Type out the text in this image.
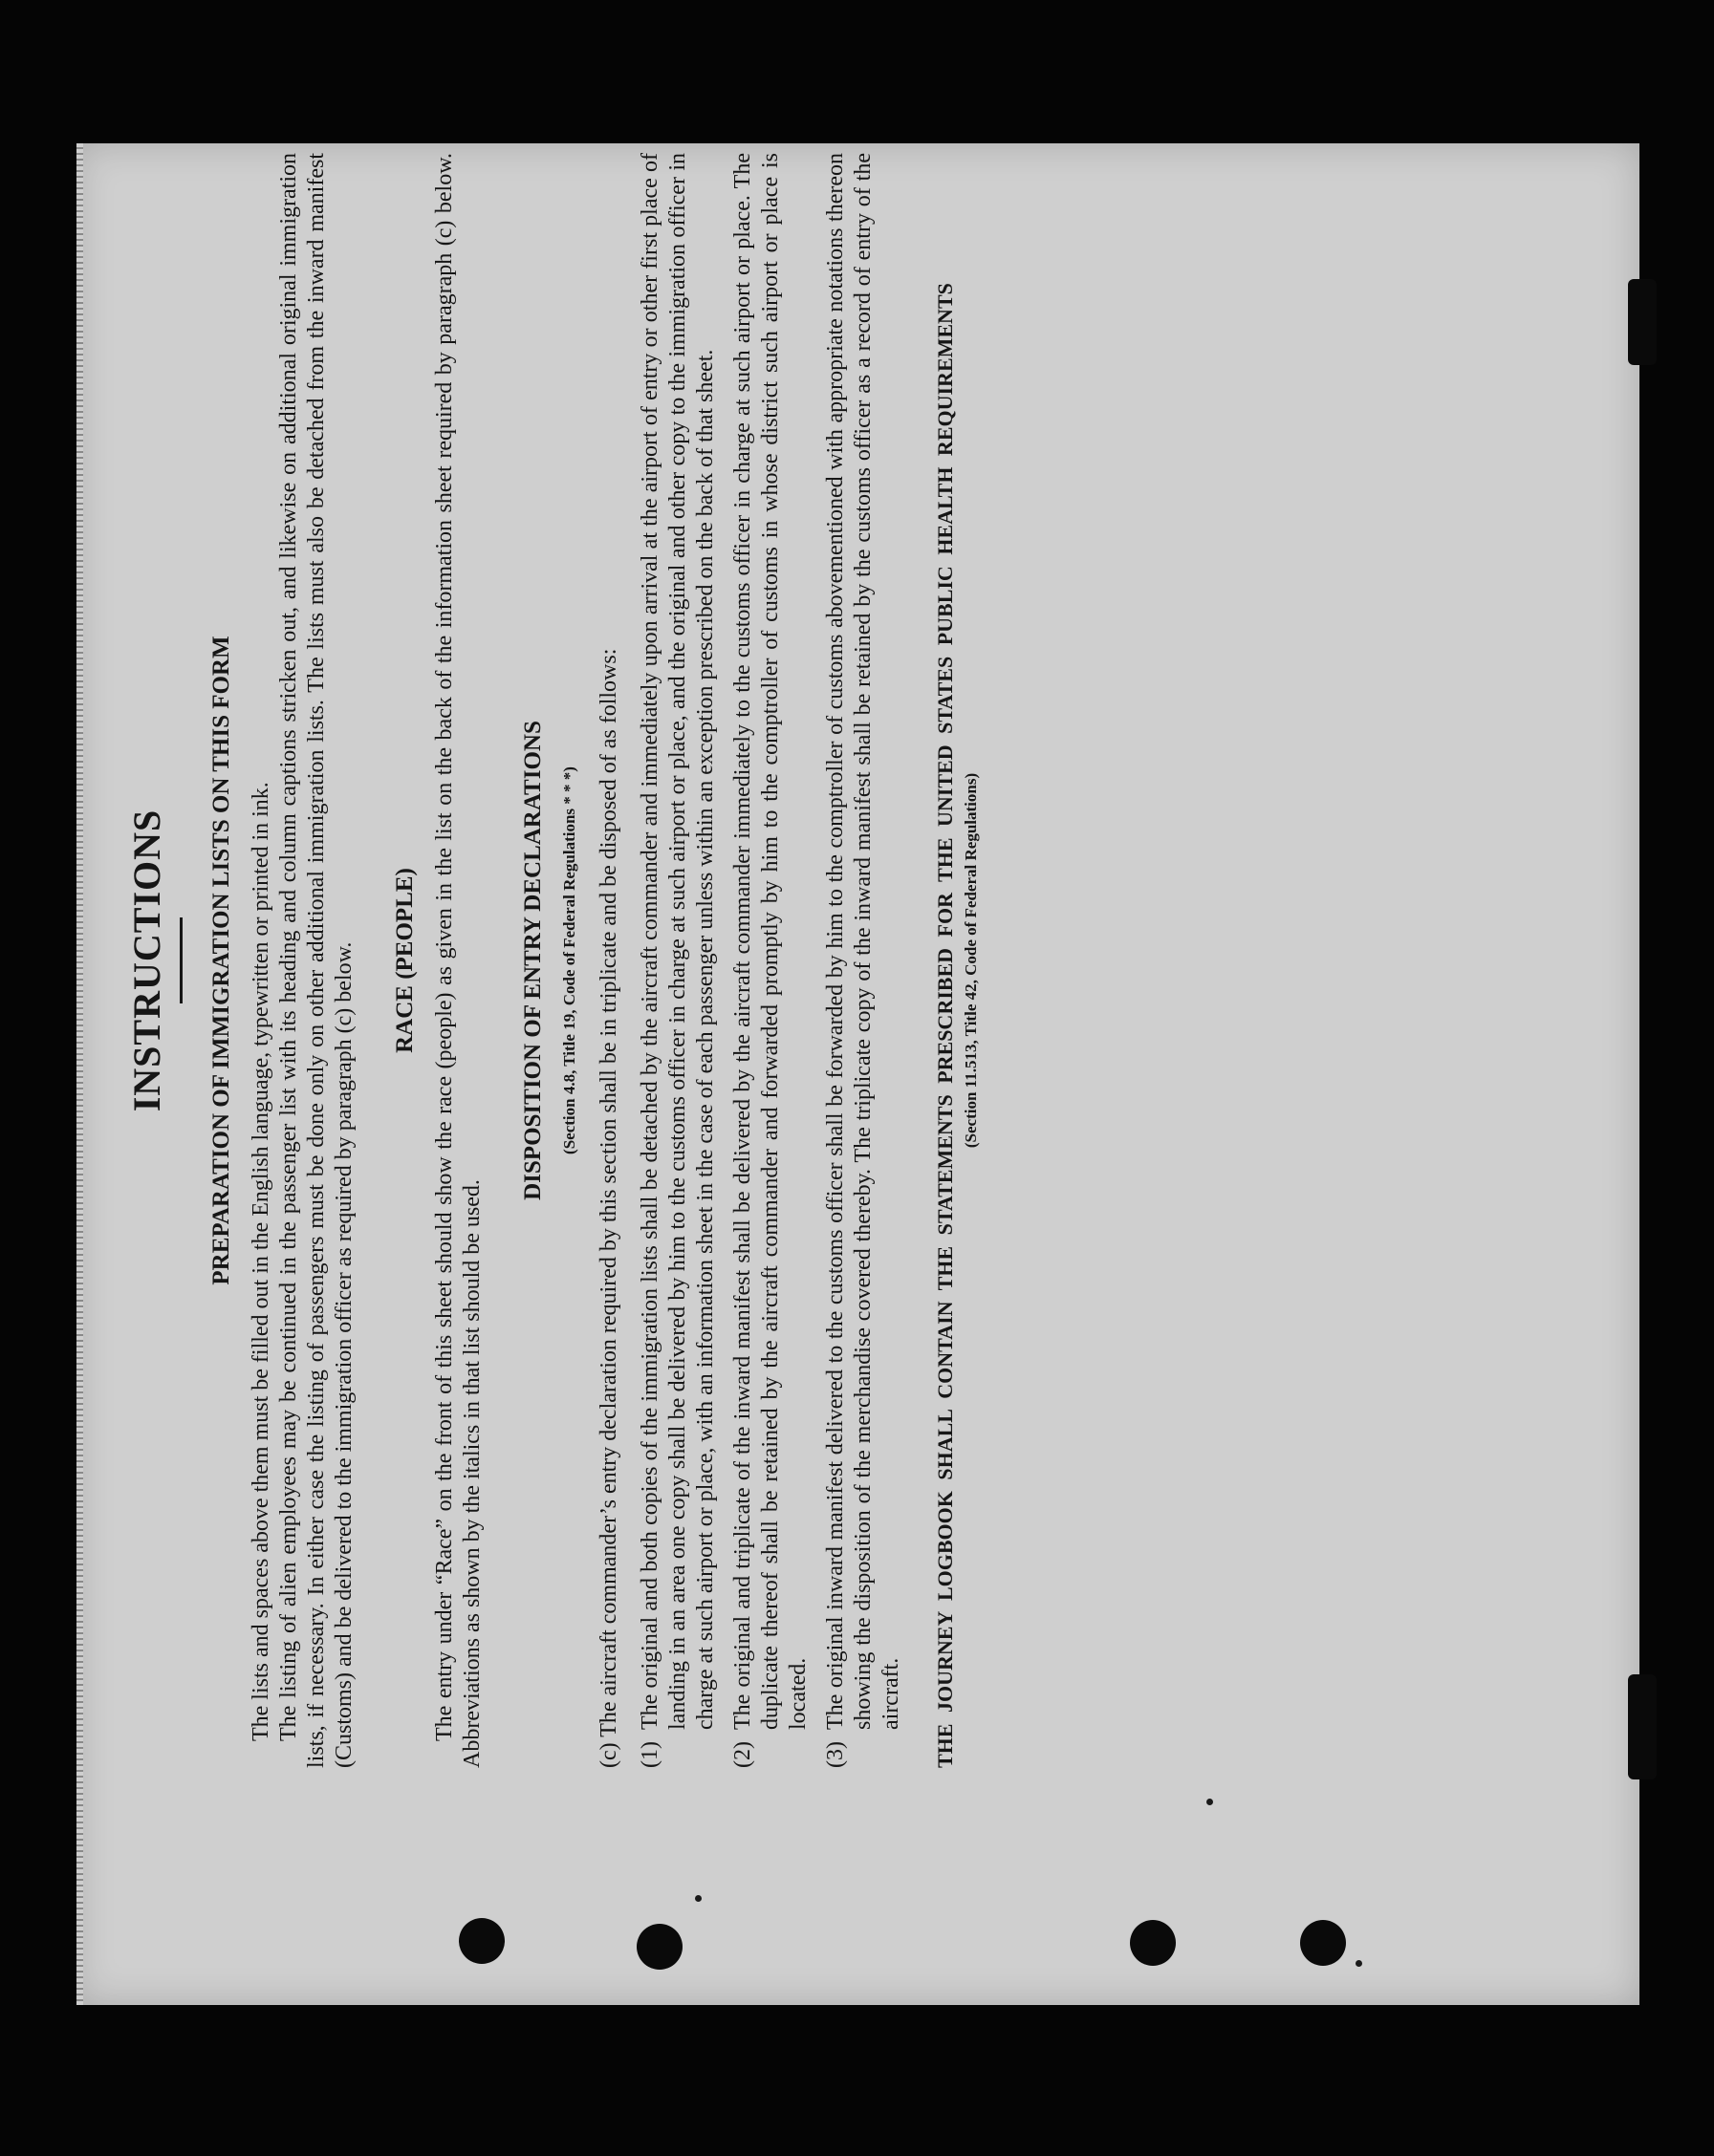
INSTRUCTIONS PREPARATION OF IMMIGRATION LISTS ON THIS FORM The lists and spaces above them must be filled out in the English language, typewritten or printed in ink. The listing of alien employees may be continued in the passenger list with its heading and column captions stricken out, and likewise on additional original immigration lists, if necessary. In either case the listing of passengers must be done only on other additional immigration lists. The lists must also be detached from the inward manifest (Customs) and be delivered to the immigration officer as required by paragraph (c) below. RACE (PEOPLE) The entry under “Race” on the front of this sheet should show the race (people) as given in the list on the back of the information sheet required by paragraph (c) below. Abbreviations as shown by the italics in that list should be used.

DISPOSITION OF ENTRY DECLARATIONS (Section 4.8, Title 19, Code of Federal Regulations * * *) (c) The aircraft commander’s entry declaration required by this section shall be in triplicate and be disposed of as follows: (1)
The original and both copies of the immigration lists shall be detached by the aircraft commander and immediately upon arrival at the airport of entry or other first place of landing in an area one copy shall be delivered by him to the customs officer in charge at such airport or place, and the original and other copy to the immigration officer in charge at such airport or place, with an information sheet in the case of each passenger unless within an exception prescribed on the back of that sheet.
(2)
The original and triplicate of the inward manifest shall be delivered by the aircraft commander immediately to the customs officer in charge at such airport or place. The duplicate thereof shall be retained by the aircraft commander and forwarded promptly by him to the comptroller of customs in whose district such airport or place is located.
(3)
The original inward manifest delivered to the customs officer shall be forwarded by him to the comptroller of customs abovementioned with appropriate notations thereon showing the disposition of the merchandise covered thereby. The triplicate copy of the inward manifest shall be retained by the customs officer as a record of entry of the aircraft. THE JOURNEY LOGBOOK SHALL CONTAIN THE STATEMENTS PRESCRIBED FOR THE UNITED STATES PUBLIC HEALTH REQUIREMENTS (Section 11.513, Title 42, Code of Federal Regulations)
